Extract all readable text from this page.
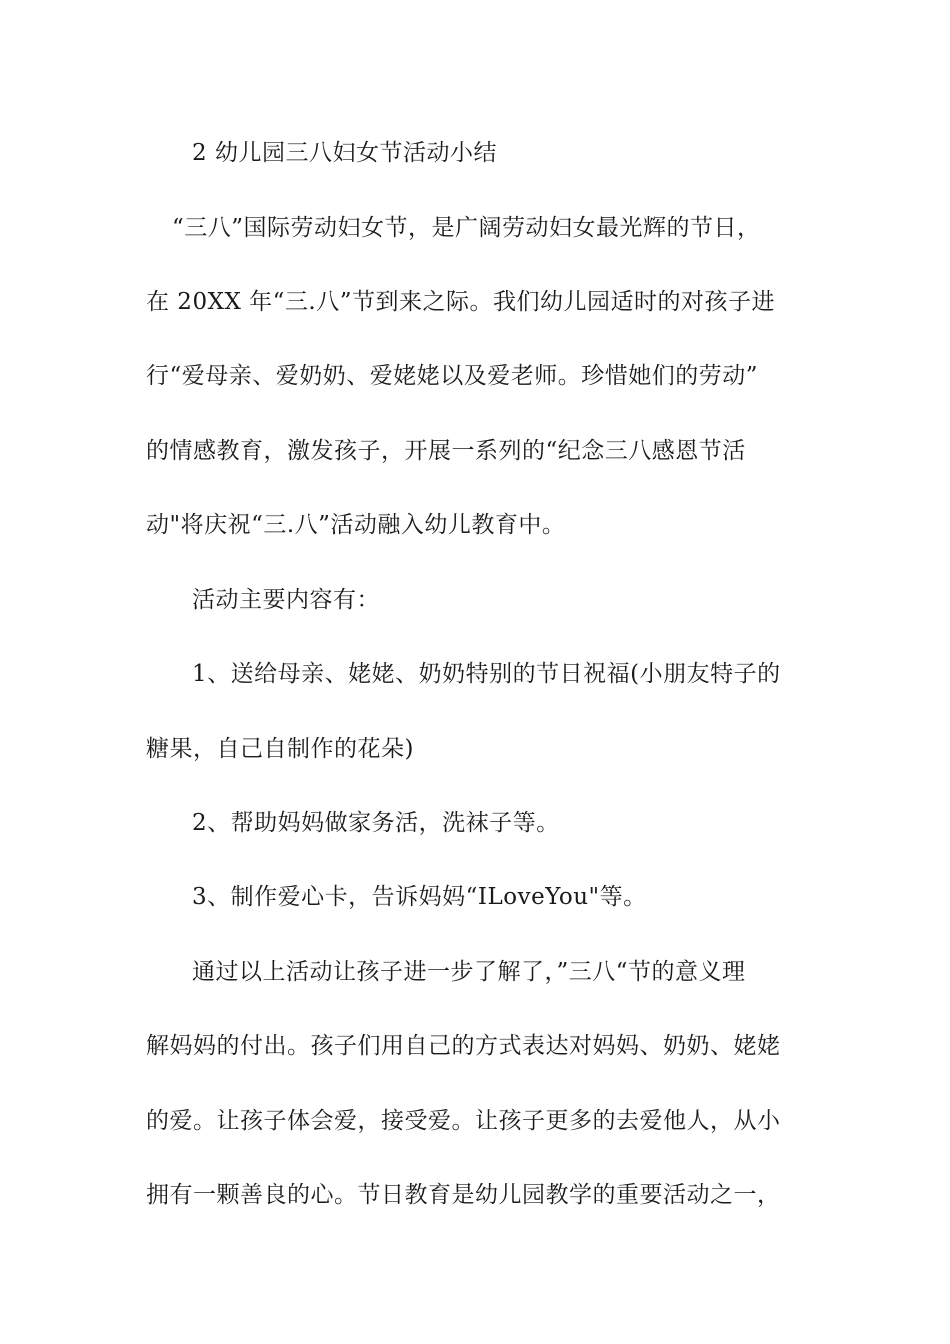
2 幼儿园三八妇女节活动小结
“三八”国际劳动妇女节，是广阔劳动妇女最光辉的节日，
在 20XX 年“三.八”节到来之际。我们幼儿园适时的对孩子进
行“爱母亲、爱奶奶、爱姥姥以及爱老师。珍惜她们的劳动”
的情感教育，激发孩子，开展一系列的“纪念三八感恩节活
动"将庆祝“三.八”活动融入幼儿教育中。
活动主要内容有：
1、送给母亲、姥姥、奶奶特别的节日祝福(小朋友特子的
糖果，自己自制作的花朵)
2、帮助妈妈做家务活，洗袜子等。
3、制作爱心卡，告诉妈妈“ILoveYou"等。
通过以上活动让孩子进一步了解了，”三八“节的意义理
解妈妈的付出。孩子们用自己的方式表达对妈妈、奶奶、姥姥
的爱。让孩子体会爱，接受爱。让孩子更多的去爱他人，从小
拥有一颗善良的心。节日教育是幼儿园教学的重要活动之一，
